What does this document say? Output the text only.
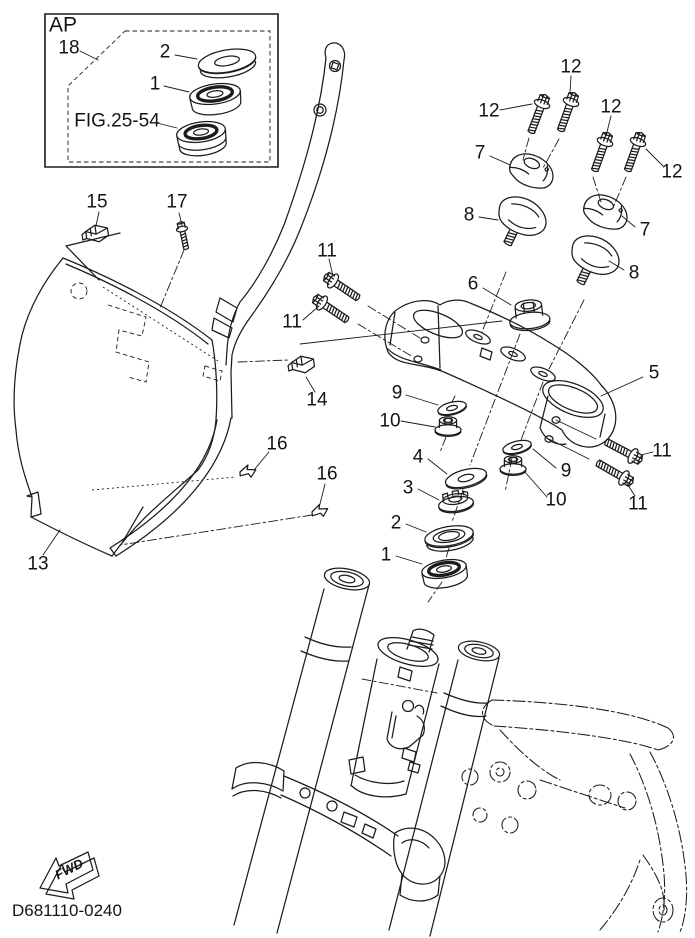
AP
18	2
1
FIG.25-54
15	17
11
11
12
12	12
12
7
7
8
8
6
5
14	9
10
4
3
2
1
9
10
11
11
16
16
13
FWD
D681110-0240
